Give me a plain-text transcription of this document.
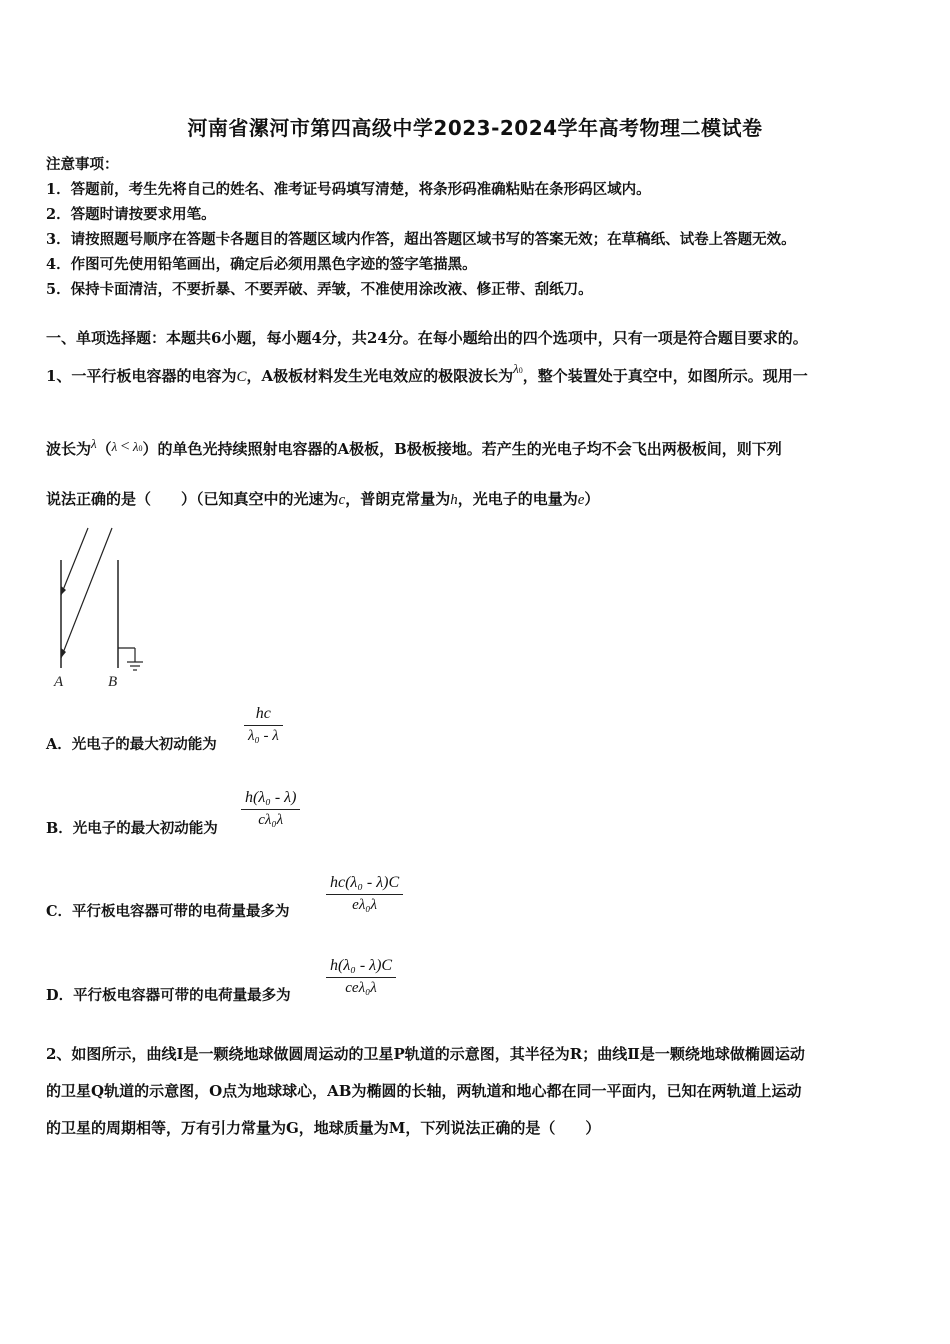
河南省漯河市第四高级中学2023-2024学年高考物理二模试卷
注意事项：
1．答题前，考生先将自己的姓名、准考证号码填写清楚，将条形码准确粘贴在条形码区域内。
2．答题时请按要求用笔。
3．请按照题号顺序在答题卡各题目的答题区域内作答，超出答题区域书写的答案无效；在草稿纸、试卷上答题无效。
4．作图可先使用铅笔画出，确定后必须用黑色字迹的签字笔描黑。
5．保持卡面清洁，不要折暴、不要弄破、弄皱，不准使用涂改液、修正带、刮纸刀。
一、单项选择题：本题共6小题，每小题4分，共24分。在每小题给出的四个选项中，只有一项是符合题目要求的。
1、一平行板电容器的电容为C，A极板材料发生光电效应的极限波长为λ0，整个装置处于真空中，如图所示。现用一
波长为λ（λ < λ0）的单色光持续照射电容器的A极板，B极板接地。若产生的光电子均不会飞出两极板间，则下列
说法正确的是（　　）（已知真空中的光速为c，普朗克常量为h，光电子的电量为e）
A	B
A．光电子的最大初动能为
hc
λ₀ - λ
B．光电子的最大初动能为
h(λ₀ - λ)
cλ₀λ
C．平行板电容器可带的电荷量最多为
hc(λ₀ - λ)C
eλ₀λ
D．平行板电容器可带的电荷量最多为
h(λ₀ - λ)C
ceλ₀λ
2、如图所示，曲线Ⅰ是一颗绕地球做圆周运动的卫星P轨道的示意图，其半径为R；曲线Ⅱ是一颗绕地球做椭圆运动
的卫星Q轨道的示意图，O点为地球球心，AB为椭圆的长轴，两轨道和地心都在同一平面内，已知在两轨道上运动
的卫星的周期相等，万有引力常量为G，地球质量为M，下列说法正确的是（　　）
